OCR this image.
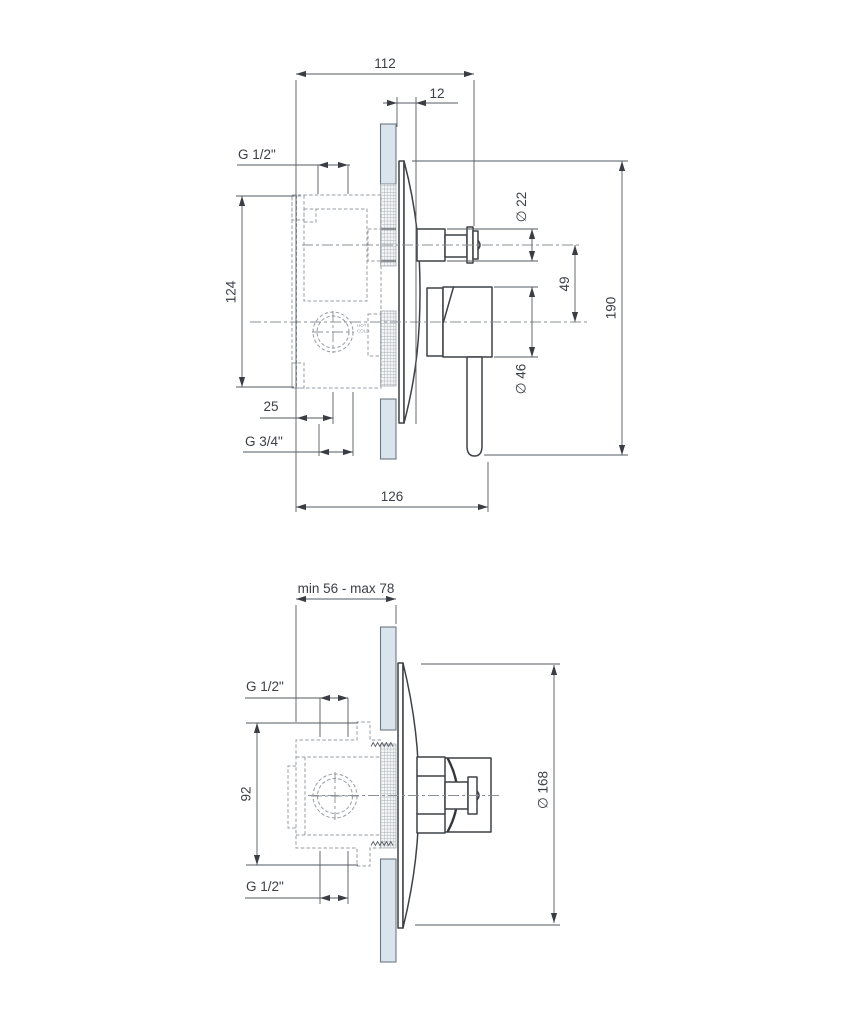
HOT
COLD
112
12
G 1/2"
124
25
G 3/4"
126
∅ 22
49
190
∅ 46
min 56 - max 78
G 1/2"
92
G 1/2"
∅ 168
